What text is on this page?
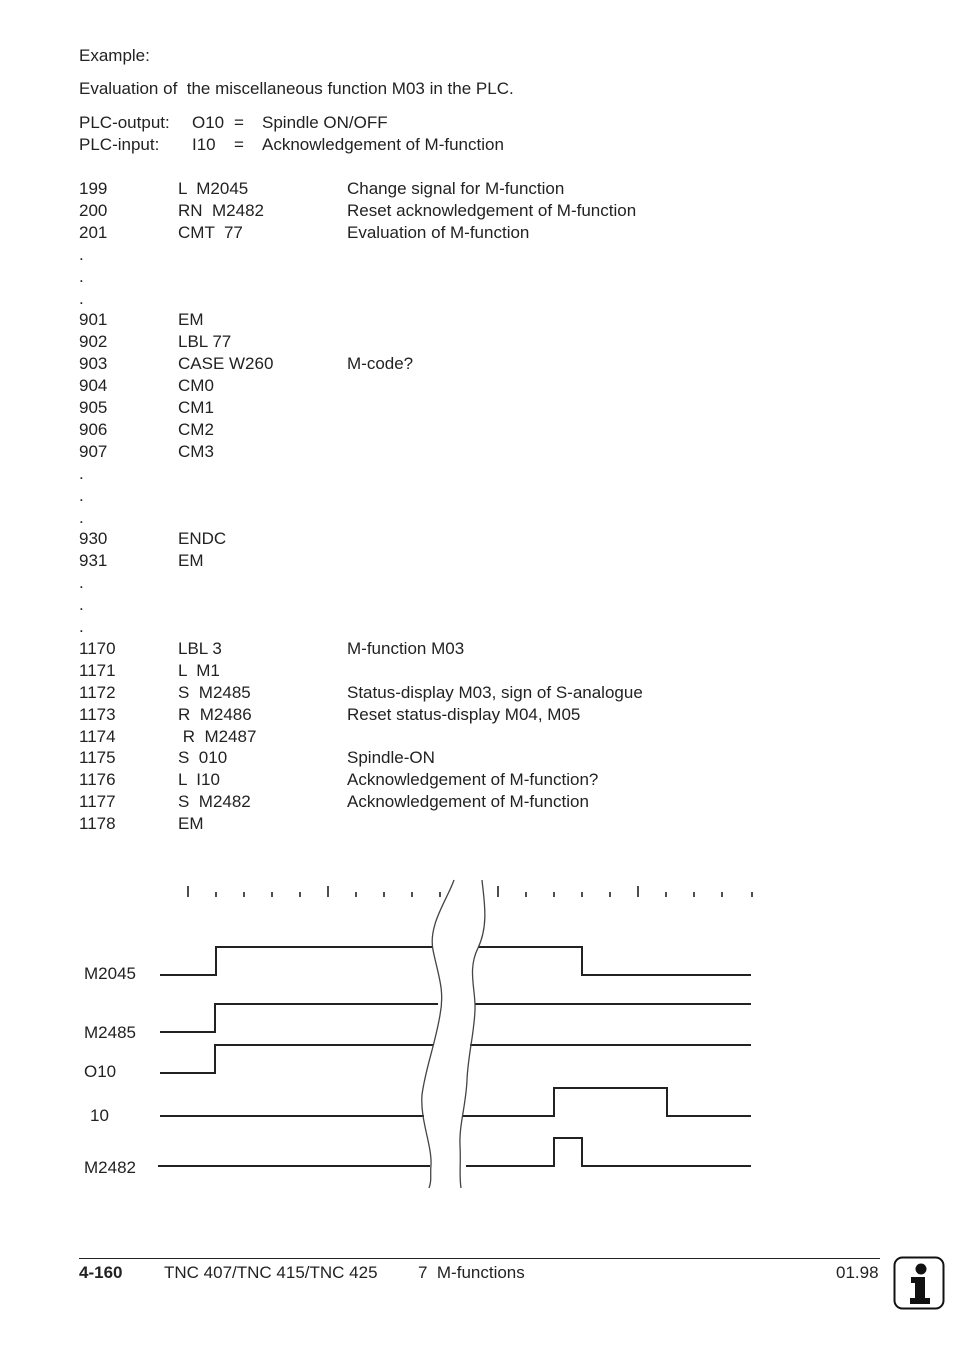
Example:
Evaluation of  the miscellaneous function M03 in the PLC.
PLC-output: O10 = Spindle ON/OFF
PLC-input: I10 = Acknowledgement of M-function
199	L  M2045	Change signal for M-function
200	RN  M2482	Reset acknowledgement of M-function
201	CMT  77	Evaluation of M-function
.
.
.
901	EM
902	LBL 77
903	CASE W260	M-code?
904	CM0
905	CM1
906	CM2
907	CM3
.
.
.
930	ENDC
931	EM
.
.
.
1170	LBL 3	M-function M03
1171	L  M1
1172	S  M2485	Status-display M03, sign of S-analogue
1173	R  M2486	Reset status-display M04, M05
1174	R  M2487
1175	S  010	Spindle-ON
1176	L  I10	Acknowledgement of M-function?
1177	S  M2482	Acknowledgement of M-function
1178	EM
M2045
M2485
O10
10
M2482
4-160 TNC 407/TNC 415/TNC 425 7  M-functions	01.98
